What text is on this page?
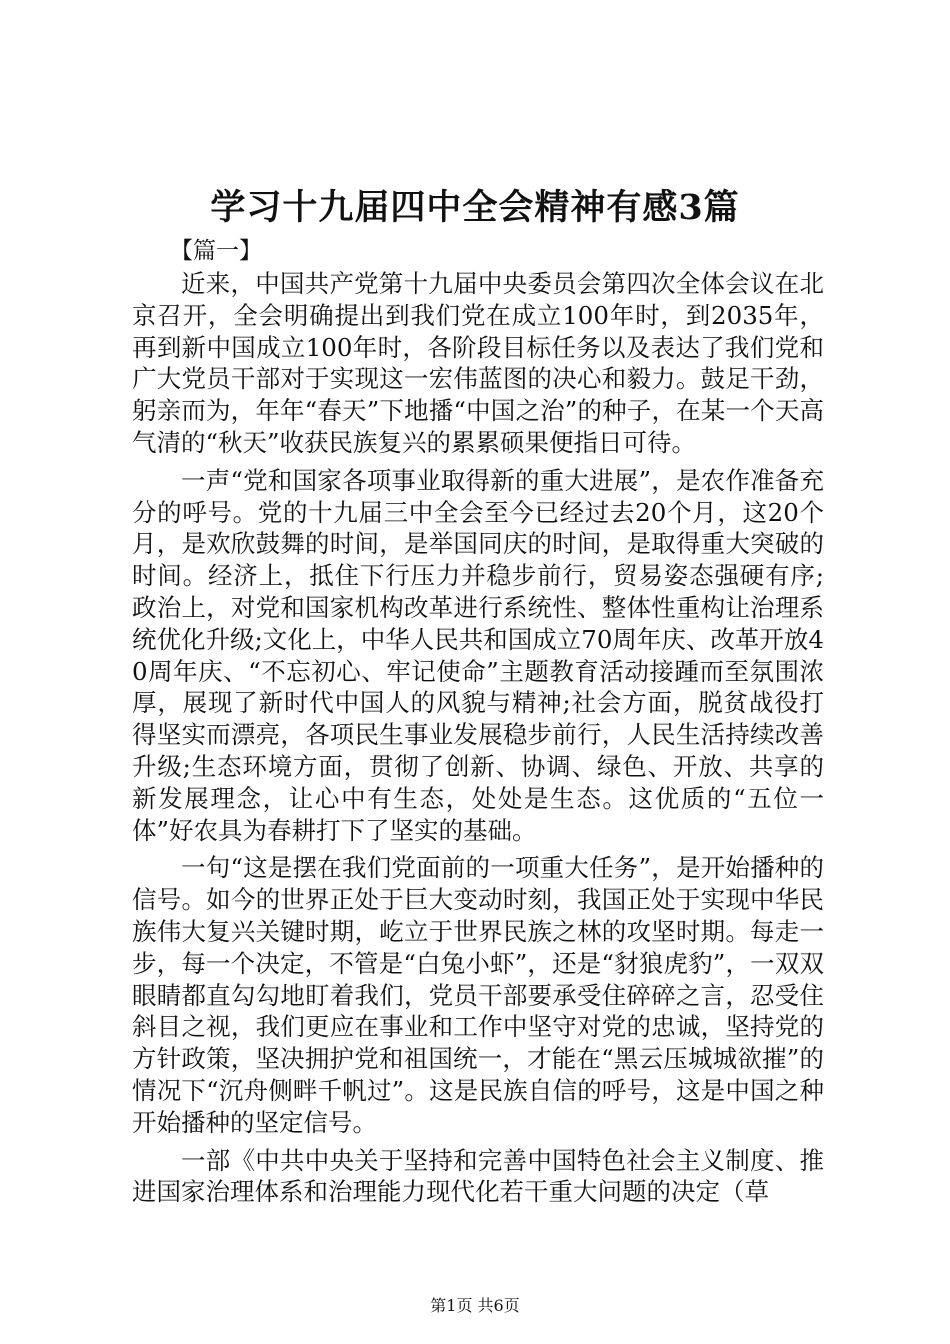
学习十九届四中全会精神有感3篇
【篇一】

近来，中国共产党第十九届中央委员会第四次全体会议在北京召开，全会明确提出到我们党在成立100年时，到2035年，再到新中国成立100年时，各阶段目标任务以及表达了我们党和广大党员干部对于实现这一宏伟蓝图的决心和毅力。鼓足干劲，躬亲而为，年年“春天”下地播“中国之治”的种子，在某一个天高气清的“秋天”收获民族复兴的累累硕果便指日可待。

一声“党和国家各项事业取得新的重大进展”，是农作准备充分的呼号。党的十九届三中全会至今已经过去20个月，这20个月，是欢欣鼓舞的时间，是举国同庆的时间，是取得重大突破的时间。经济上，抵住下行压力并稳步前行，贸易姿态强硬有序;政治上，对党和国家机构改革进行系统性、整体性重构让治理系统优化升级;文化上，中华人民共和国成立70周年庆、改革开放40周年庆、“不忘初心、牢记使命”主题教育活动接踵而至氛围浓厚，展现了新时代中国人的风貌与精神;社会方面，脱贫战役打得坚实而漂亮，各项民生事业发展稳步前行，人民生活持续改善升级;生态环境方面，贯彻了创新、协调、绿色、开放、共享的新发展理念，让心中有生态，处处是生态。这优质的“五位一体”好农具为春耕打下了坚实的基础。

一句“这是摆在我们党面前的一项重大任务”，是开始播种的信号。如今的世界正处于巨大变动时刻，我国正处于实现中华民族伟大复兴关键时期，屹立于世界民族之林的攻坚时期。每走一步，每一个决定，不管是“白兔小虾”，还是“豺狼虎豹”，一双双眼睛都直勾勾地盯着我们，党员干部要承受住碎碎之言，忍受住斜目之视，我们更应在事业和工作中坚守对党的忠诚，坚持党的方针政策，坚决拥护党和祖国统一，才能在“黑云压城城欲摧”的情况下“沉舟侧畔千帆过”。这是民族自信的呼号，这是中国之种开始播种的坚定信号。

一部《中共中央关于坚持和完善中国特色社会主义制度、推进国家治理体系和治理能力现代化若干重大问题的决定（草

第1页 共6页
